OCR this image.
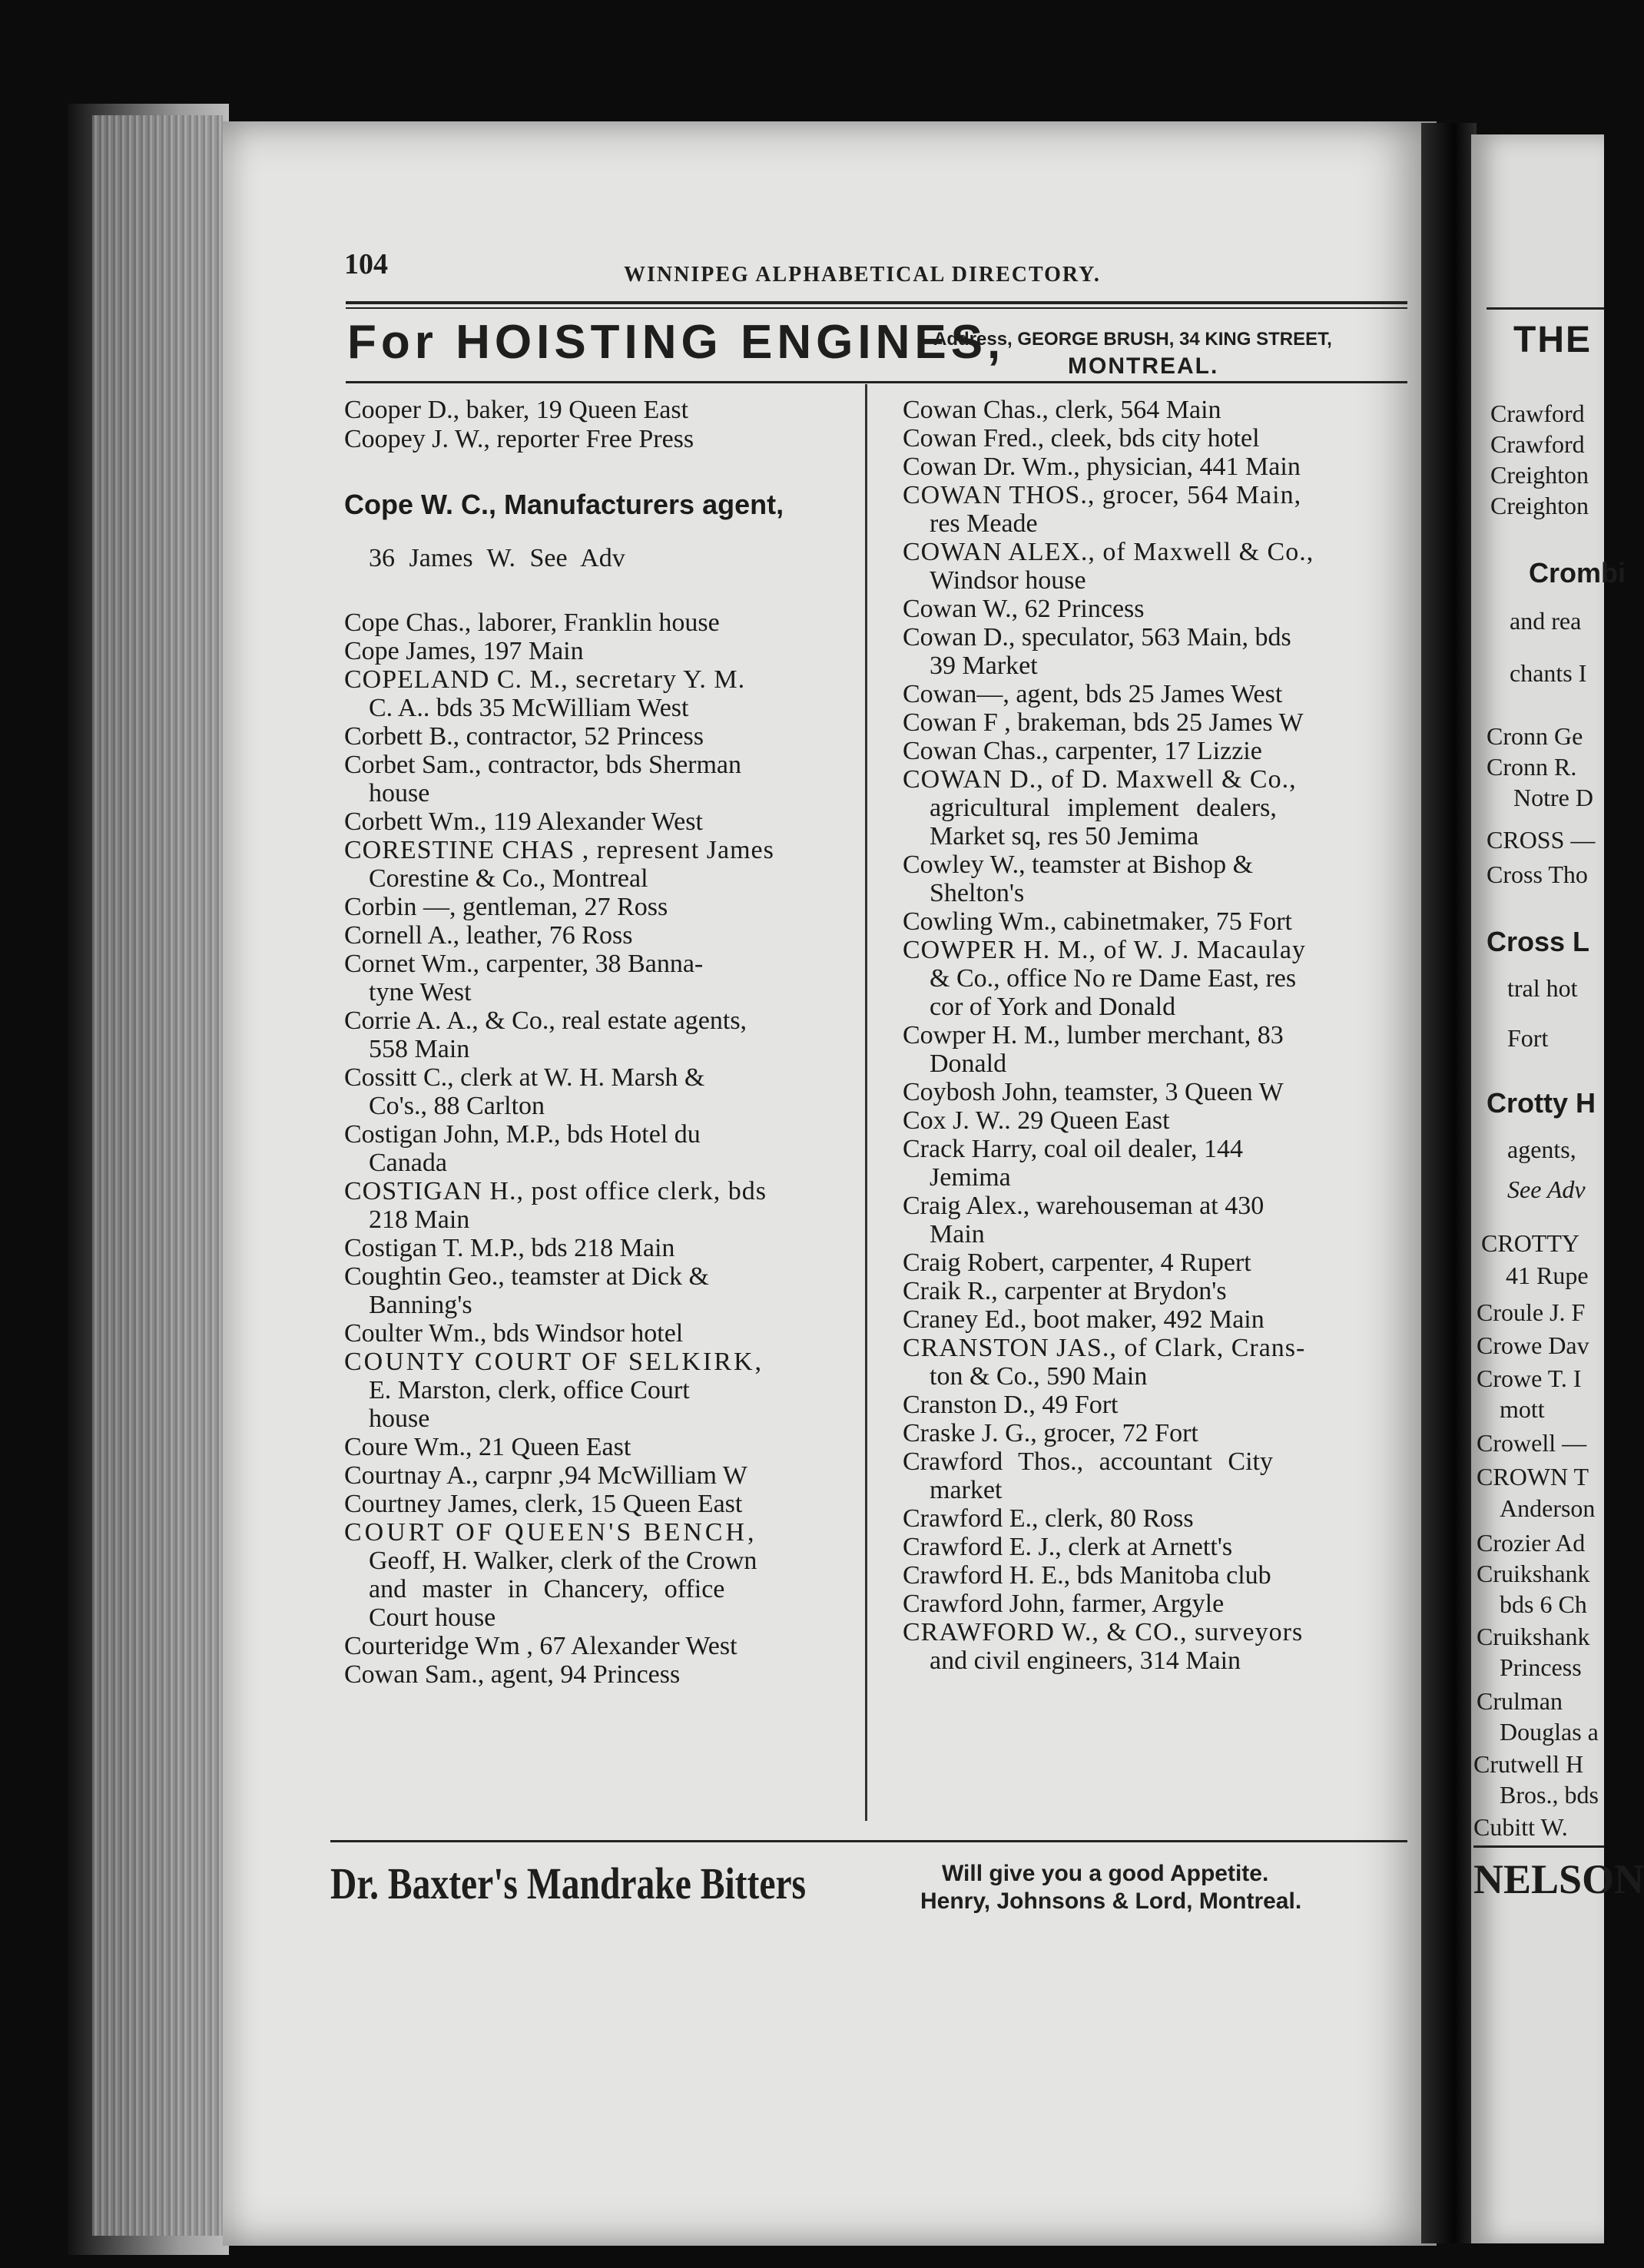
104	WINNIPEG ALPHABETICAL DIRECTORY.
For HOISTING ENGINES,
Address, GEORGE BRUSH, 34 KING STREET,
MONTREAL.
Cooper D., baker, 19 Queen East
Coopey J. W., reporter Free Press
Cope W. C., Manufacturers agent,
36 James W. See Adv
Cope Chas., laborer, Franklin house
Cope James, 197 Main
COPELAND C. M., secretary Y. M.
C. A.. bds 35 McWilliam West
Corbett B., contractor, 52 Princess
Corbet Sam., contractor, bds Sherman
house
Corbett Wm., 119 Alexander West
CORESTINE CHAS , represent James
Corestine & Co., Montreal
Corbin —, gentleman, 27 Ross
Cornell A., leather, 76 Ross
Cornet Wm., carpenter, 38 Banna-
tyne West
Corrie A. A., & Co., real estate agents,
558 Main
Cossitt C., clerk at W. H. Marsh &
Co's., 88 Carlton
Costigan John, M.P., bds Hotel du
Canada
COSTIGAN H., post office clerk, bds
218 Main
Costigan T. M.P., bds 218 Main
Coughtin Geo., teamster at Dick &
Banning's
Coulter Wm., bds Windsor hotel
COUNTY COURT OF SELKIRK,
E. Marston, clerk, office Court
house
Coure Wm., 21 Queen East
Courtnay A., carpnr ,94 McWilliam W
Courtney James, clerk, 15 Queen East
COURT OF QUEEN'S BENCH,
Geoff, H. Walker, clerk of the Crown
and master in Chancery, office
Court house
Courteridge Wm , 67 Alexander West
Cowan Sam., agent, 94 Princess
Cowan Chas., clerk, 564 Main
Cowan Fred., cleek, bds city hotel
Cowan Dr. Wm., physician, 441 Main
COWAN THOS., grocer, 564 Main,
res Meade
COWAN ALEX., of Maxwell & Co.,
Windsor house
Cowan W., 62 Princess
Cowan D., speculator, 563 Main, bds
39 Market
Cowan—, agent, bds 25 James West
Cowan F , brakeman, bds 25 James W
Cowan Chas., carpenter, 17 Lizzie
COWAN D., of D. Maxwell & Co.,
agricultural implement dealers,
Market sq, res 50 Jemima
Cowley W., teamster at Bishop &
Shelton's
Cowling Wm., cabinetmaker, 75 Fort
COWPER H. M., of W. J. Macaulay
& Co., office No re Dame East, res
cor of York and Donald
Cowper H. M., lumber merchant, 83
Donald
Coybosh John, teamster, 3 Queen W
Cox J. W.. 29 Queen East
Crack Harry, coal oil dealer, 144
Jemima
Craig Alex., warehouseman at 430
Main
Craig Robert, carpenter, 4 Rupert
Craik R., carpenter at Brydon's
Craney Ed., boot maker, 492 Main
CRANSTON JAS., of Clark, Crans-
ton & Co., 590 Main
Cranston D., 49 Fort
Craske J. G., grocer, 72 Fort
Crawford Thos., accountant City
market
Crawford E., clerk, 80 Ross
Crawford E. J., clerk at Arnett's
Crawford H. E., bds Manitoba club
Crawford John, farmer, Argyle
CRAWFORD W., & CO., surveyors
and civil engineers, 314 Main
Dr. Baxter's Mandrake Bitters	Will give you a good Appetite.
Henry, Johnsons & Lord, Montreal.
THE
Crawford
Crawford
Creighton
Creighton
Crombi
and rea
chants I
Cronn Ge
Cronn R.
Notre D
CROSS —
Cross Tho
Cross L
tral hot
Fort
Crotty H
agents,
See Adv
CROTTY
41 Rupe
Croule J. F
Crowe Dav
Crowe T. I
mott
Crowell —
CROWN T
Anderson
Crozier Ad
Cruikshank
bds 6 Ch
Cruikshank
Princess
Crulman
Douglas a
Crutwell H
Bros., bds
Cubitt W.
NELSON
